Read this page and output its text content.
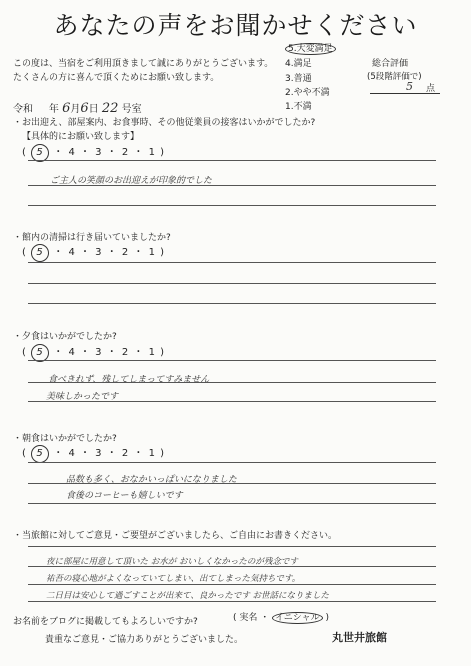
あなたの声をお聞かせください
この度は、当宿をご利用頂きまして誠にありがとうございます。
たくさんの方に喜んで頂くためにお願い致します。
5.大変満足
4.満足
3.普通
2.やや不満
1.不満
総合評価
(5段階評価で)
5 点
令和 年 6月6日 22 号室
・お出迎え、部屋案内、お食事時、その他従業員の接客はいかがでしたか?
【具体的にお願い致します】
( 5 ・ 4 ・ 3 ・ 2 ・ 1 )
ご主人の笑顔のお出迎えが印象的でした
・館内の清掃は行き届いていましたか?
( 5 ・ 4 ・ 3 ・ 2 ・ 1 )
・夕食はいかがでしたか?
( 5 ・ 4 ・ 3 ・ 2 ・ 1 )
食べきれず、残してしまってすみません
美味しかったです
・朝食はいかがでしたか?
( 5 ・ 4 ・ 3 ・ 2 ・ 1 )
品数も多く、おなかいっぱいになりました
食後のコーヒーも嬉しいです
・当旅館に対してご意見・ご要望がございましたら、ご自由にお書きください。
夜に部屋に用意して頂いた お水が おいしくなかったのが残念です
祐吾の寝心地がよくなっていてしまい、出てしまった気持ちです。
二日目は安心して過ごすことが出来て、良かったです お世話になりました
お名前をブログに掲載してもよろしいですか?	( 実名 ・ イニシャル )
貴重なご意見・ご協力ありがとうございました。	丸世井旅館
